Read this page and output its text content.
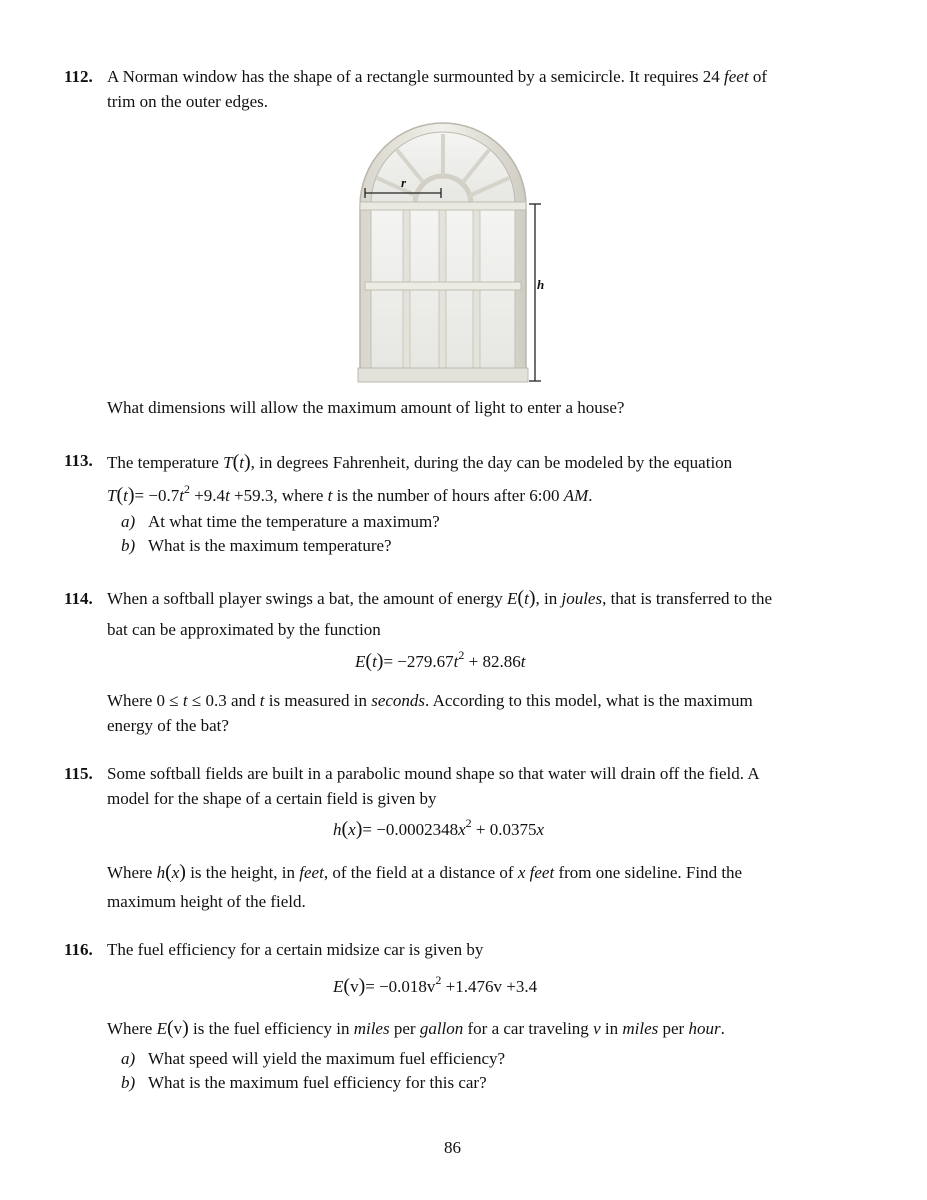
112. A Norman window has the shape of a rectangle surmounted by a semicircle. It requires 24 feet of
trim on the outer edges.
r
h
What dimensions will allow the maximum amount of light to enter a house?
113. The temperature T(t), in degrees Fahrenheit, during the day can be modeled by the equation
$T(t)= -0.7t^2 +9.4t +59.3$, where t is the number of hours after 6:00 AM.
a) At what time the temperature a maximum?
b) What is the maximum temperature?
114. When a softball player swings a bat, the amount of energy E(t), in joules, that is transferred to the
bat can be approximated by the function
$E(t)= -279.67t^2 + 82.86t$
Where 0 ≤ t ≤ 0.3 and t is measured in seconds. According to this model, what is the maximum
energy of the bat?
115. Some softball fields are built in a parabolic mound shape so that water will drain off the field. A
model for the shape of a certain field is given by
$h(x)= -0.0002348x^2 + 0.0375x$
Where h(x) is the height, in feet, of the field at a distance of x feet from one sideline. Find the
maximum height of the field.
116. The fuel efficiency for a certain midsize car is given by
$E(v)= -0.018v^2 +1.476v +3.4$
Where E(v) is the fuel efficiency in miles per gallon for a car traveling v in miles per hour.
a) What speed will yield the maximum fuel efficiency?
b) What is the maximum fuel efficiency for this car?
86
